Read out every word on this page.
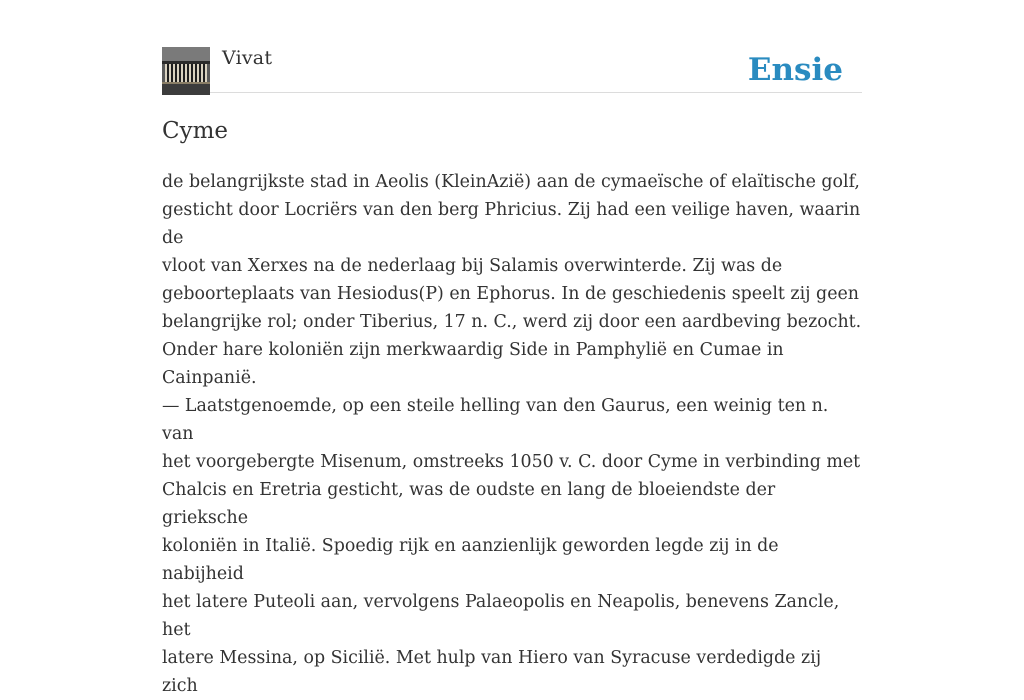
Vivat	Ensie
Cyme

de belangrijkste stad in Aeolis (KleinAzië) aan de cymaeïsche of elaïtische golf,
gesticht door Locriërs van den berg Phricius. Zij had een veilige haven, waarin de
vloot van Xerxes na de nederlaag bij Salamis overwinterde. Zij was de
geboorteplaats van Hesiodus(P) en Ephorus. In de geschiedenis speelt zij geen
belangrijke rol; onder Tiberius, 17 n. C., werd zij door een aardbeving bezocht.
Onder hare koloniën zijn merkwaardig Side in Pamphylië en Cumae in Cainpanië.
— Laatstgenoemde, op een steile helling van den Gaurus, een weinig ten n. van
het voorgebergte Misenum, omstreeks 1050 v. C. door Cyme in verbinding met
Chalcis en Eretria gesticht, was de oudste en lang de bloeiendste der grieksche
koloniën in Italië. Spoedig rijk en aanzienlijk geworden legde zij in de nabijheid
het latere Puteoli aan, vervolgens Palaeopolis en Neapolis, benevens Zancle, het
latere Messina, op Sicilië. Met hulp van Hiero van Syracuse verdedigde zij zich
